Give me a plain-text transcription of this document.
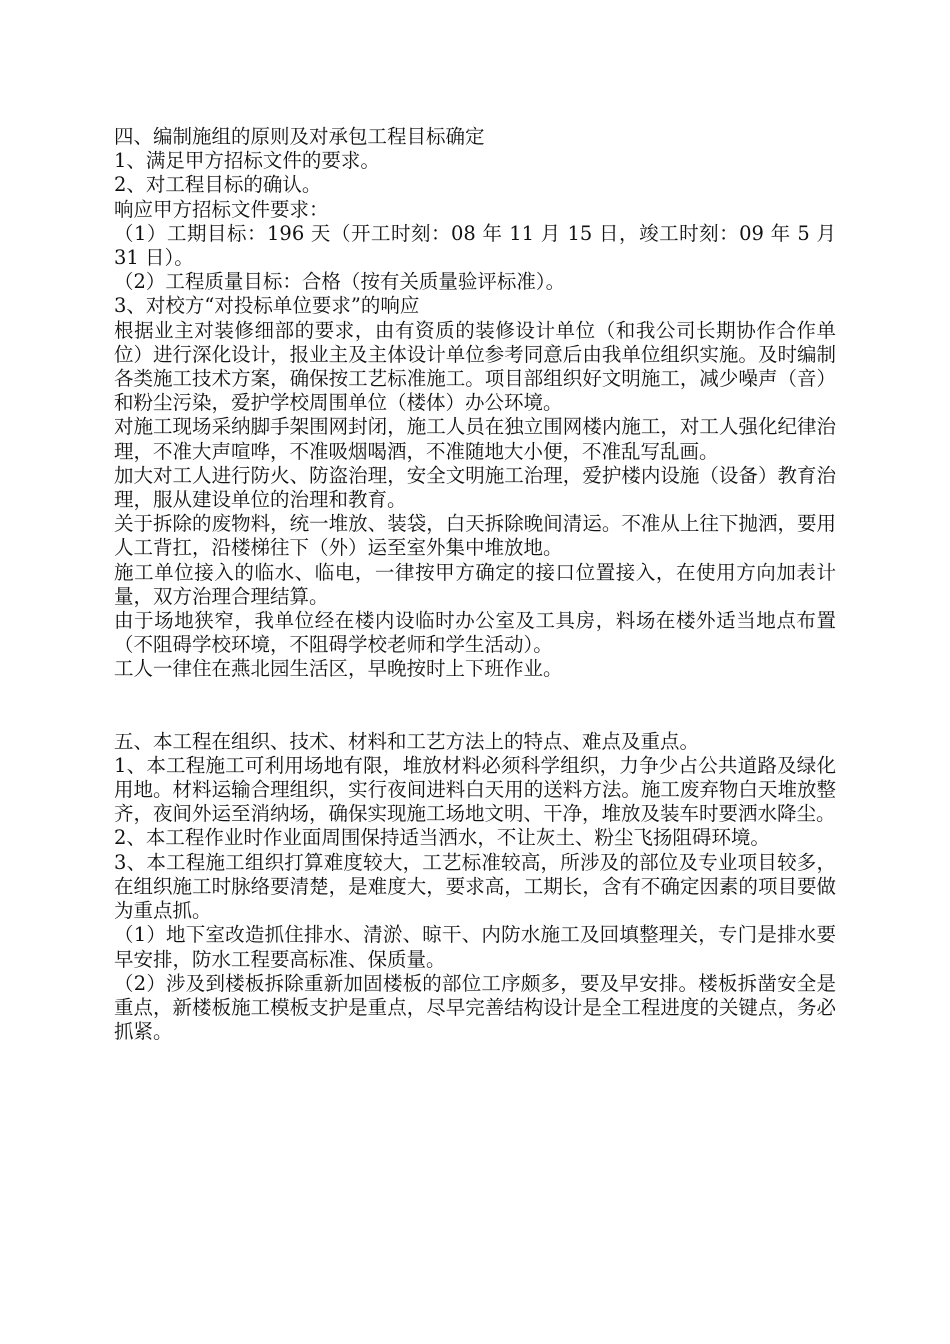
四、编制施组的原则及对承包工程目标确定

1、满足甲方招标文件的要求。

2、对工程目标的确认。

响应甲方招标文件要求：

（1）工期目标：196 天（开工时刻：08 年 11 月 15 日，竣工时刻：09 年 5 月 31 日）。

（2）工程质量目标：合格（按有关质量验评标准）。

3、对校方“对投标单位要求”的响应

根据业主对装修细部的要求，由有资质的装修设计单位（和我公司长期协作合作单位）进行深化设计，报业主及主体设计单位参考同意后由我单位组织实施。及时编制各类施工技术方案，确保按工艺标准施工。项目部组织好文明施工，减少噪声（音）和粉尘污染，爱护学校周围单位（楼体）办公环境。

对施工现场采纳脚手架围网封闭，施工人员在独立围网楼内施工，对工人强化纪律治理，不准大声喧哗，不准吸烟喝酒，不准随地大小便，不准乱写乱画。

加大对工人进行防火、防盗治理，安全文明施工治理，爱护楼内设施（设备）教育治理，服从建设单位的治理和教育。

关于拆除的废物料，统一堆放、装袋，白天拆除晚间清运。不准从上往下抛洒，要用人工背扛，沿楼梯往下（外）运至室外集中堆放地。

施工单位接入的临水、临电，一律按甲方确定的接口位置接入，在使用方向加表计量，双方治理合理结算。

由于场地狭窄，我单位经在楼内设临时办公室及工具房，料场在楼外适当地点布置（不阻碍学校环境，不阻碍学校老师和学生活动）。

工人一律住在燕北园生活区，早晚按时上下班作业。

五、本工程在组织、技术、材料和工艺方法上的特点、难点及重点。

1、本工程施工可利用场地有限，堆放材料必须科学组织，力争少占公共道路及绿化用地。材料运输合理组织，实行夜间进料白天用的送料方法。施工废弃物白天堆放整齐，夜间外运至消纳场，确保实现施工场地文明、干净，堆放及装车时要洒水降尘。

2、本工程作业时作业面周围保持适当洒水，不让灰土、粉尘飞扬阻碍环境。

3、本工程施工组织打算难度较大，工艺标准较高，所涉及的部位及专业项目较多，在组织施工时脉络要清楚，是难度大，要求高，工期长，含有不确定因素的项目要做为重点抓。

（1）地下室改造抓住排水、清淤、晾干、内防水施工及回填整理关，专门是排水要早安排，防水工程要高标准、保质量。

（2）涉及到楼板拆除重新加固楼板的部位工序颇多，要及早安排。楼板拆凿安全是重点，新楼板施工模板支护是重点，尽早完善结构设计是全工程进度的关键点，务必抓紧。
